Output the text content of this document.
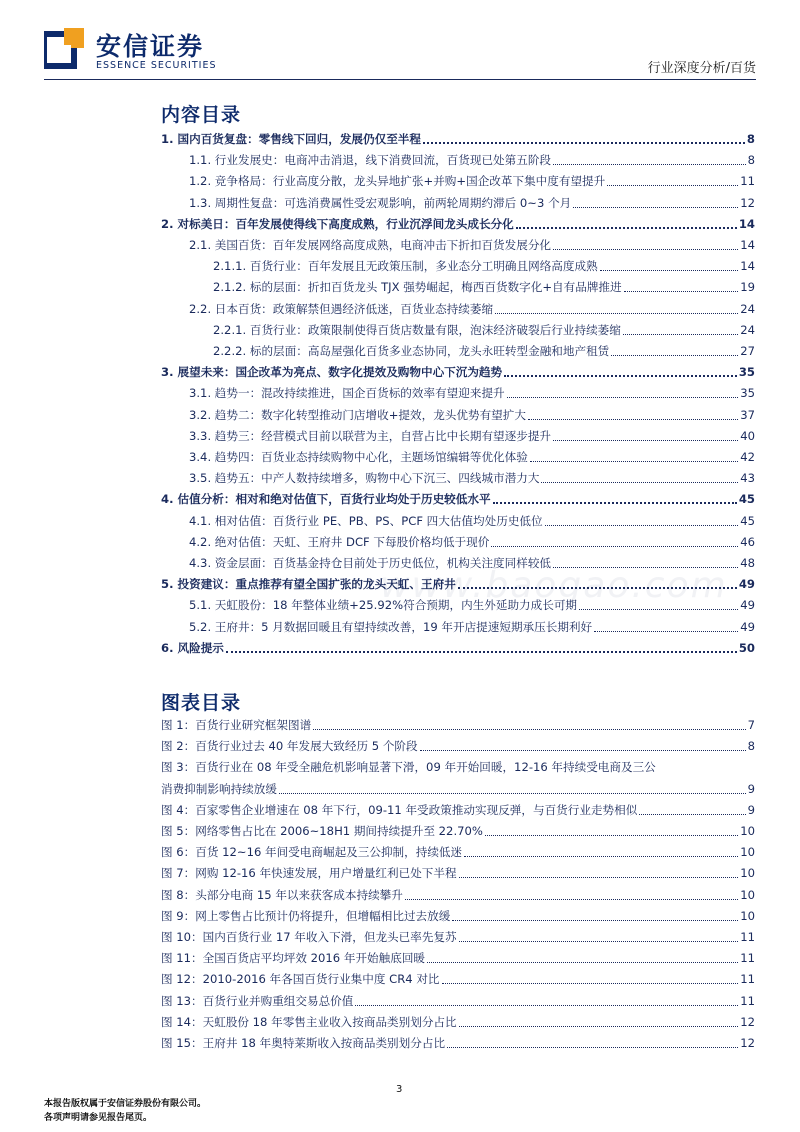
安信证券
ESSENCE SECURITIES	行业深度分析/百货
www.baogao.com
内容目录
1. 国内百货复盘：零售线下回归，发展仍仅至半程	8
1.1. 行业发展史：电商冲击消退，线下消费回流，百货现已处第五阶段	8
1.2. 竞争格局：行业高度分散，龙头异地扩张+并购+国企改革下集中度有望提升	11
1.3. 周期性复盘：可选消费属性受宏观影响，前两轮周期约滞后 0~3 个月	12
2. 对标美日：百年发展使得线下高度成熟，行业沉浮间龙头成长分化	14
2.1. 美国百货：百年发展网络高度成熟，电商冲击下折扣百货发展分化	14
2.1.1. 百货行业：百年发展且无政策压制，多业态分工明确且网络高度成熟	14
2.1.2. 标的层面：折扣百货龙头 TJX 强势崛起，梅西百货数字化+自有品牌推进	19
2.2. 日本百货：政策解禁但遇经济低迷，百货业态持续萎缩	24
2.2.1. 百货行业：政策限制使得百货店数量有限，泡沫经济破裂后行业持续萎缩	24
2.2.2. 标的层面：高岛屋强化百货多业态协同，龙头永旺转型金融和地产租赁	27
3. 展望未来：国企改革为亮点、数字化提效及购物中心下沉为趋势	35
3.1. 趋势一：混改持续推进，国企百货标的效率有望迎来提升	35
3.2. 趋势二：数字化转型推动门店增收+提效，龙头优势有望扩大	37
3.3. 趋势三：经营模式目前以联营为主，自营占比中长期有望逐步提升	40
3.4. 趋势四：百货业态持续购物中心化，主题场馆编辑等优化体验	42
3.5. 趋势五：中产人数持续增多，购物中心下沉三、四线城市潜力大	43
4. 估值分析：相对和绝对估值下，百货行业均处于历史较低水平	45
4.1. 相对估值：百货行业 PE、PB、PS、PCF 四大估值均处历史低位	45
4.2. 绝对估值：天虹、王府井 DCF 下每股价格均低于现价	46
4.3. 资金层面：百货基金持仓目前处于历史低位，机构关注度同样较低	48
5. 投资建议：重点推荐有望全国扩张的龙头天虹、王府井	49
5.1. 天虹股份：18 年整体业绩+25.92%符合预期，内生外延助力成长可期	49
5.2. 王府井：5 月数据回暖且有望持续改善，19 年开店提速短期承压长期利好	49
6. 风险提示	50
图表目录
图 1：百货行业研究框架图谱	7
图 2：百货行业过去 40 年发展大致经历 5 个阶段	8
图 3：百货行业在 08 年受全融危机影响显著下滑，09 年开始回暖，12-16 年持续受电商及三公
消费抑制影响持续放缓	9
图 4：百家零售企业增速在 08 年下行，09-11 年受政策推动实现反弹，与百货行业走势相似	9
图 5：网络零售占比在 2006~18H1 期间持续提升至 22.70%	10
图 6：百货 12~16 年间受电商崛起及三公抑制，持续低迷	10
图 7：网购 12-16 年快速发展，用户增量红利已处下半程	10
图 8：头部分电商 15 年以来获客成本持续攀升	10
图 9：网上零售占比预计仍将提升，但增幅相比过去放缓	10
图 10：国内百货行业 17 年收入下滑，但龙头已率先复苏	11
图 11：全国百货店平均坪效 2016 年开始触底回暖	11
图 12：2010-2016 年各国百货行业集中度 CR4 对比	11
图 13：百货行业并购重组交易总价值	11
图 14：天虹股份 18 年零售主业收入按商品类别划分占比	12
图 15：王府井 18 年奥特莱斯收入按商品类别划分占比	12
3
本报告版权属于安信证券股份有限公司。
各项声明请参见报告尾页。
